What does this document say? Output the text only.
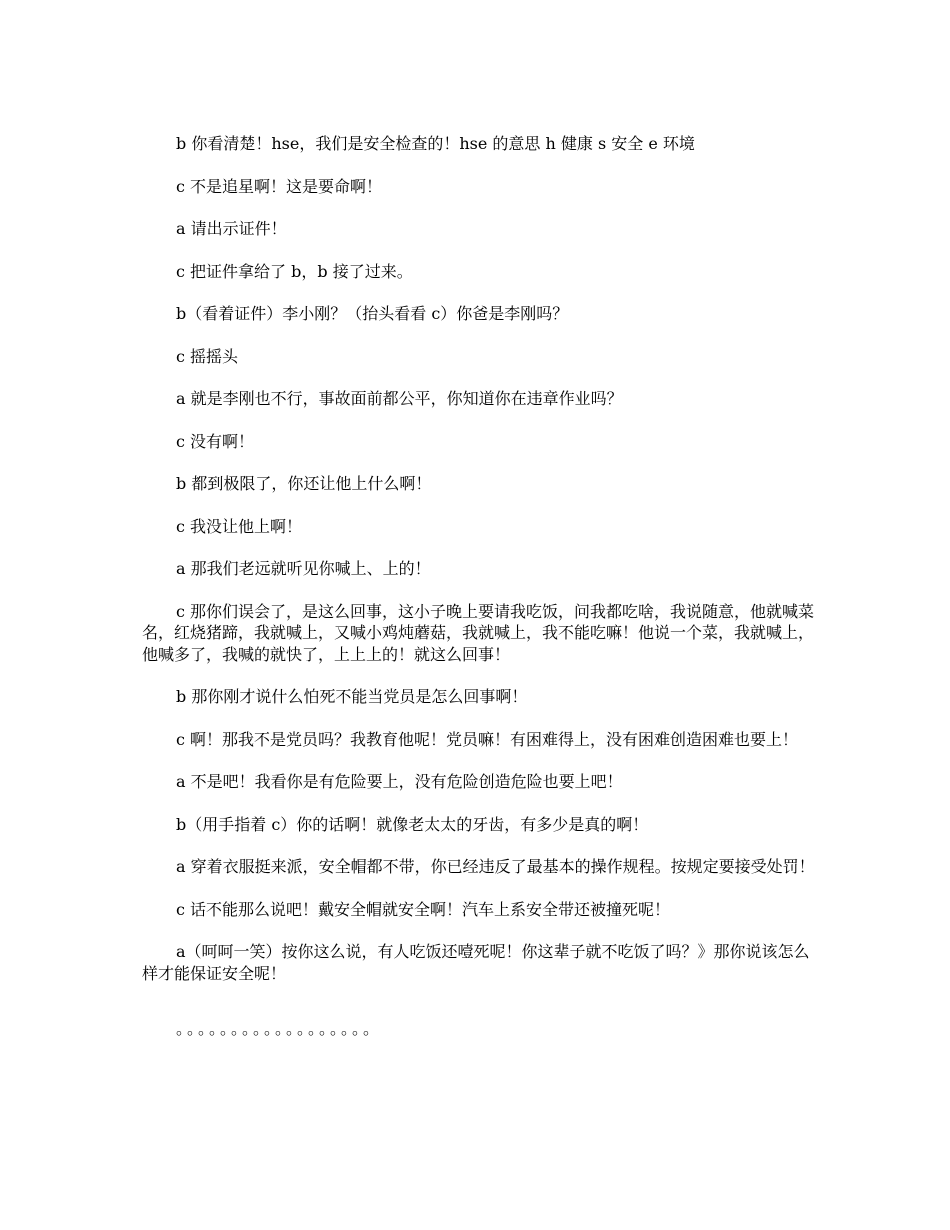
b 你看清楚！hse，我们是安全检查的！hse 的意思 h 健康 s 安全 e 环境

c 不是追星啊！这是要命啊！

a 请出示证件！

c 把证件拿给了 b，b 接了过来。

b（看着证件）李小刚？（抬头看看 c）你爸是李刚吗？

c 摇摇头

a 就是李刚也不行，事故面前都公平，你知道你在违章作业吗？

c 没有啊！

b 都到极限了，你还让他上什么啊！

c 我没让他上啊！

a 那我们老远就听见你喊上、上的！

c 那你们误会了，是这么回事，这小子晚上要请我吃饭，问我都吃啥，我说随意，他就喊菜名，红烧猪蹄，我就喊上，又喊小鸡炖蘑菇，我就喊上，我不能吃嘛！他说一个菜，我就喊上，他喊多了，我喊的就快了，上上上的！就这么回事！

b 那你刚才说什么怕死不能当党员是怎么回事啊！

c 啊！那我不是党员吗？我教育他呢！党员嘛！有困难得上，没有困难创造困难也要上！

a 不是吧！我看你是有危险要上，没有危险创造危险也要上吧！

b（用手指着 c）你的话啊！就像老太太的牙齿，有多少是真的啊！

a 穿着衣服挺来派，安全帽都不带，你已经违反了最基本的操作规程。按规定要接受处罚！

c 话不能那么说吧！戴安全帽就安全啊！汽车上系安全带还被撞死呢！

a（呵呵一笑）按你这么说，有人吃饭还噎死呢！你这辈子就不吃饭了吗？》那你说该怎么样才能保证安全呢！

。。。。。。。。。。。。。。。。。。
